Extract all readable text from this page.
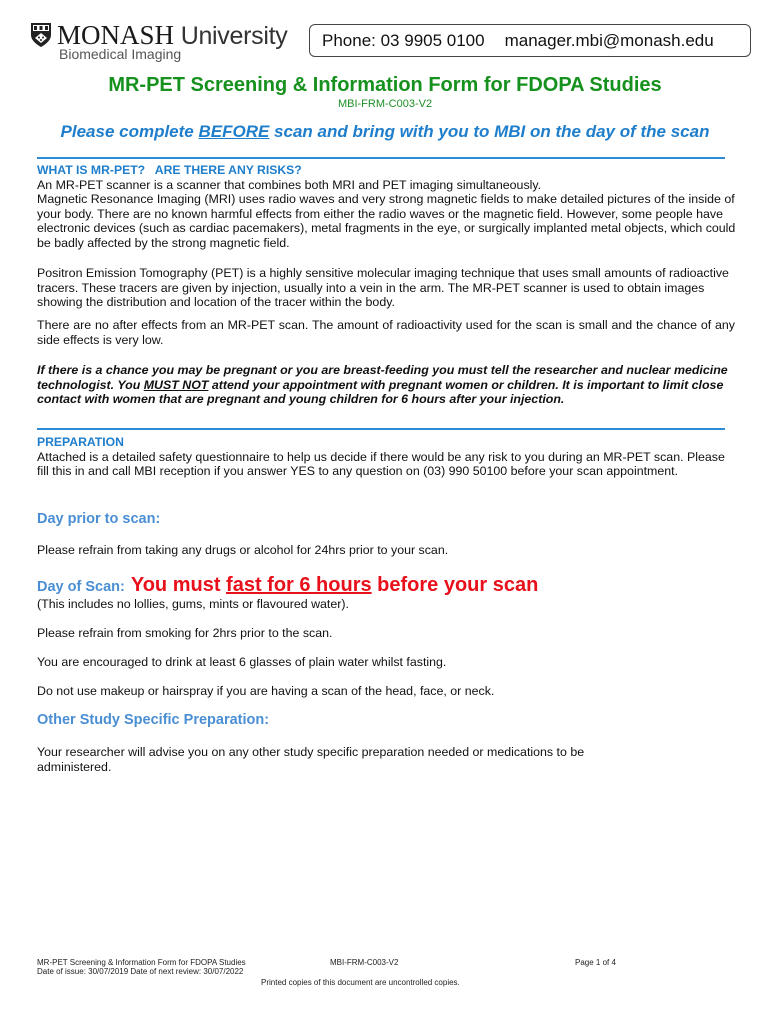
MONASH University
Biomedical Imaging
Phone: 03 9905 0100 manager.mbi@monash.edu
MR-PET Screening & Information Form for FDOPA Studies
MBI-FRM-C003-V2
Please complete BEFORE scan and bring with you to MBI on the day of the scan
WHAT IS MR-PET?   ARE THERE ANY RISKS?
An MR-PET scanner is a scanner that combines both MRI and PET imaging simultaneously.
Magnetic Resonance Imaging (MRI) uses radio waves and very strong magnetic fields to make detailed pictures of the inside of your body. There are no known harmful effects from either the radio waves or the magnetic field. However, some people have electronic devices (such as cardiac pacemakers), metal fragments in the eye, or surgically implanted metal objects, which could be badly affected by the strong magnetic field.
Positron Emission Tomography (PET) is a highly sensitive molecular imaging technique that uses small amounts of radioactive tracers. These tracers are given by injection, usually into a vein in the arm. The MR-PET scanner is used to obtain images showing the distribution and location of the tracer within the body.
There are no after effects from an MR-PET scan. The amount of radioactivity used for the scan is small and the chance of any side effects is very low.
If there is a chance you may be pregnant or you are breast-feeding you must tell the researcher and nuclear medicine technologist. You MUST NOT attend your appointment with pregnant women or children. It is important to limit close contact with women that are pregnant and young children for 6 hours after your injection.
PREPARATION
Attached is a detailed safety questionnaire to help us decide if there would be any risk to you during an MR-PET scan. Please fill this in and call MBI reception if you answer YES to any question on (03) 990 50100 before your scan appointment.
Day prior to scan:
Please refrain from taking any drugs or alcohol for 24hrs prior to your scan.
Day of Scan: You must fast for 6 hours before your scan
(This includes no lollies, gums, mints or flavoured water).
Please refrain from smoking for 2hrs prior to the scan.
You are encouraged to drink at least 6 glasses of plain water whilst fasting.
Do not use makeup or hairspray if you are having a scan of the head, face, or neck.
Other Study Specific Preparation:
Your researcher will advise you on any other study specific preparation needed or medications to be administered.
MR-PET Screening & Information Form for FDOPA Studies
Date of issue: 30/07/2019 Date of next review: 30/07/2022
MBI-FRM-C003-V2	Page 1 of 4
Printed copies of this document are uncontrolled copies.
